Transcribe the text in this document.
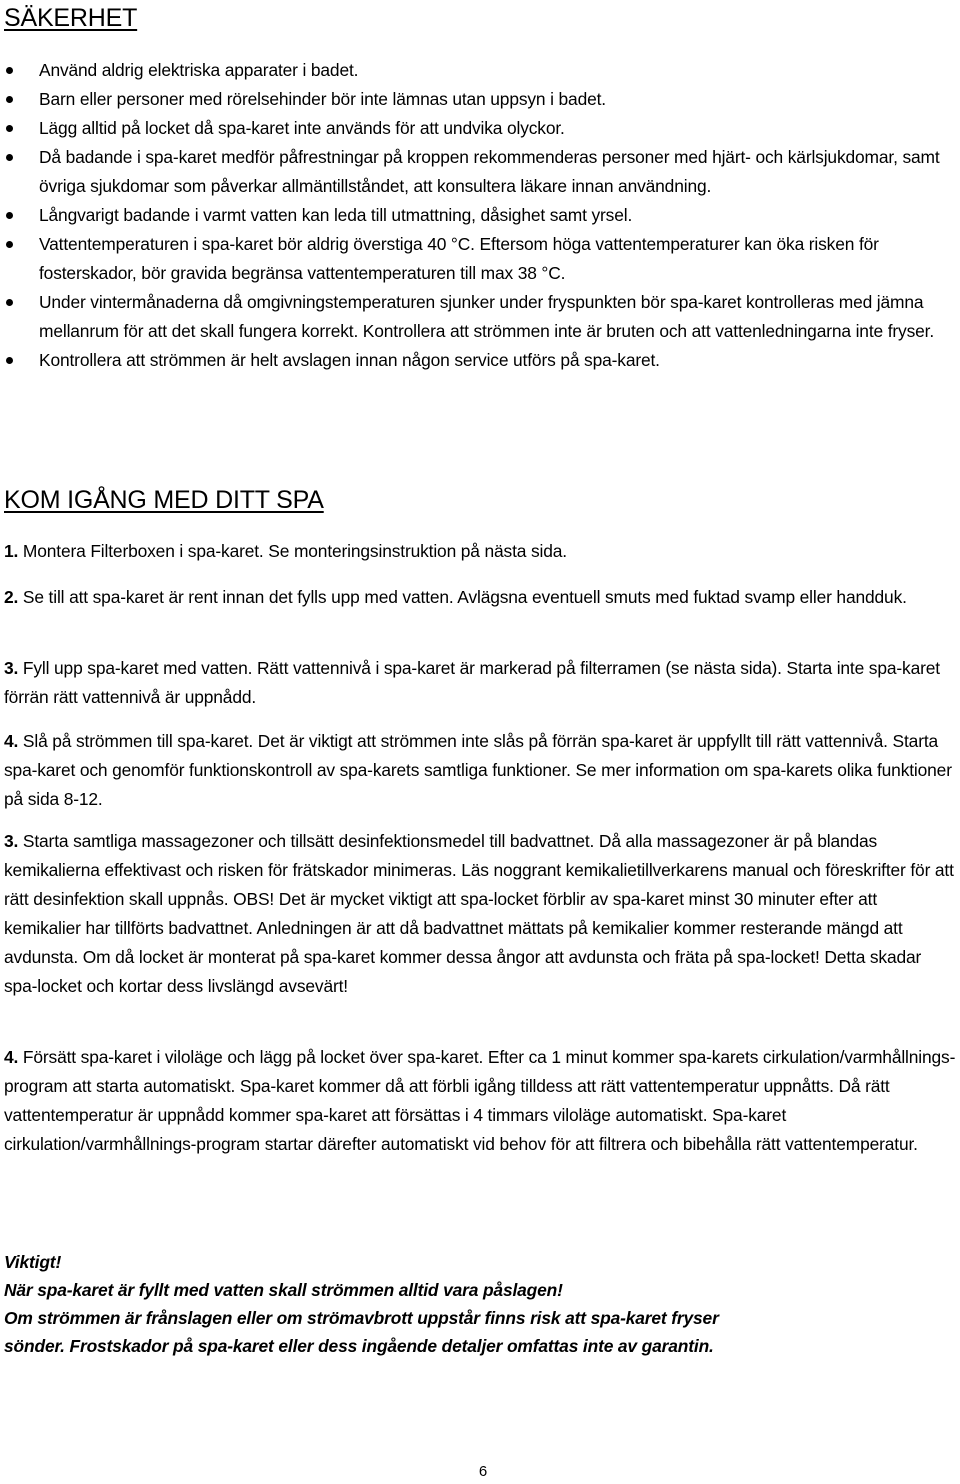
SÄKERHET
Använd aldrig elektriska apparater i badet.
Barn eller personer med rörelsehinder bör inte lämnas utan uppsyn i badet.
Lägg alltid på locket då spa-karet inte används för att undvika olyckor.
Då badande i spa-karet medför påfrestningar på kroppen rekommenderas personer med hjärt- och kärlsjukdomar, samt övriga sjukdomar som påverkar allmäntillståndet, att konsultera läkare innan användning.
Långvarigt badande i varmt vatten kan leda till utmattning, dåsighet samt yrsel.
Vattentemperaturen i spa-karet bör aldrig överstiga 40 °C. Eftersom höga vattentemperaturer kan öka risken för fosterskador, bör gravida begränsa vattentemperaturen till max 38 °C.
Under vintermånaderna då omgivningstemperaturen sjunker under fryspunkten bör spa-karet kontrolleras med jämna mellanrum för att det skall fungera korrekt. Kontrollera att strömmen inte är bruten och att vattenledningarna inte fryser.
Kontrollera att strömmen är helt avslagen innan någon service utförs på spa-karet.
KOM IGÅNG MED DITT SPA

1. Montera Filterboxen i spa-karet. Se monteringsinstruktion på nästa sida.

2. Se till att spa-karet är rent innan det fylls upp med vatten. Avlägsna eventuell smuts med fuktad svamp eller handduk.

3. Fyll upp spa-karet med vatten. Rätt vattennivå i spa-karet är markerad på filterramen (se nästa sida). Starta inte spa-karet förrän rätt vattennivå är uppnådd.

4. Slå på strömmen till spa-karet. Det är viktigt att strömmen inte slås på förrän spa-karet är uppfyllt till rätt vattennivå. Starta spa-karet och genomför funktionskontroll av spa-karets samtliga funktioner. Se mer information om spa-karets olika funktioner på sida 8-12.

3. Starta samtliga massagezoner och tillsätt desinfektionsmedel till badvattnet. Då alla massagezoner är på blandas kemikalierna effektivast och risken för frätskador minimeras. Läs noggrant kemikalietillverkarens manual och föreskrifter för att rätt desinfektion skall uppnås. OBS! Det är mycket viktigt att spa-locket förblir av spa-karet minst 30 minuter efter att kemikalier har tillförts badvattnet. Anledningen är att då badvattnet mättats på kemikalier kommer resterande mängd att avdunsta. Om då locket är monterat på spa-karet kommer dessa ångor att avdunsta och fräta på spa-locket! Detta skadar spa-locket och kortar dess livslängd avsevärt!

4. Försätt spa-karet i viloläge och lägg på locket över spa-karet. Efter ca 1 minut kommer spa-karets cirkulation/varmhållnings-program att starta automatiskt. Spa-karet kommer då att förbli igång tilldess att rätt vattentemperatur uppnåtts. Då rätt vattentemperatur är uppnådd kommer spa-karet att försättas i 4 timmars viloläge automatiskt. Spa-karet cirkulation/varmhållnings-program startar därefter automatiskt vid behov för att filtrera och bibehålla rätt vattentemperatur.

Viktigt!
När spa-karet är fyllt med vatten skall strömmen alltid vara påslagen!
Om strömmen är frånslagen eller om strömavbrott uppstår finns risk att spa-karet fryser
sönder. Frostskador på spa-karet eller dess ingående detaljer omfattas inte av garantin.
6
